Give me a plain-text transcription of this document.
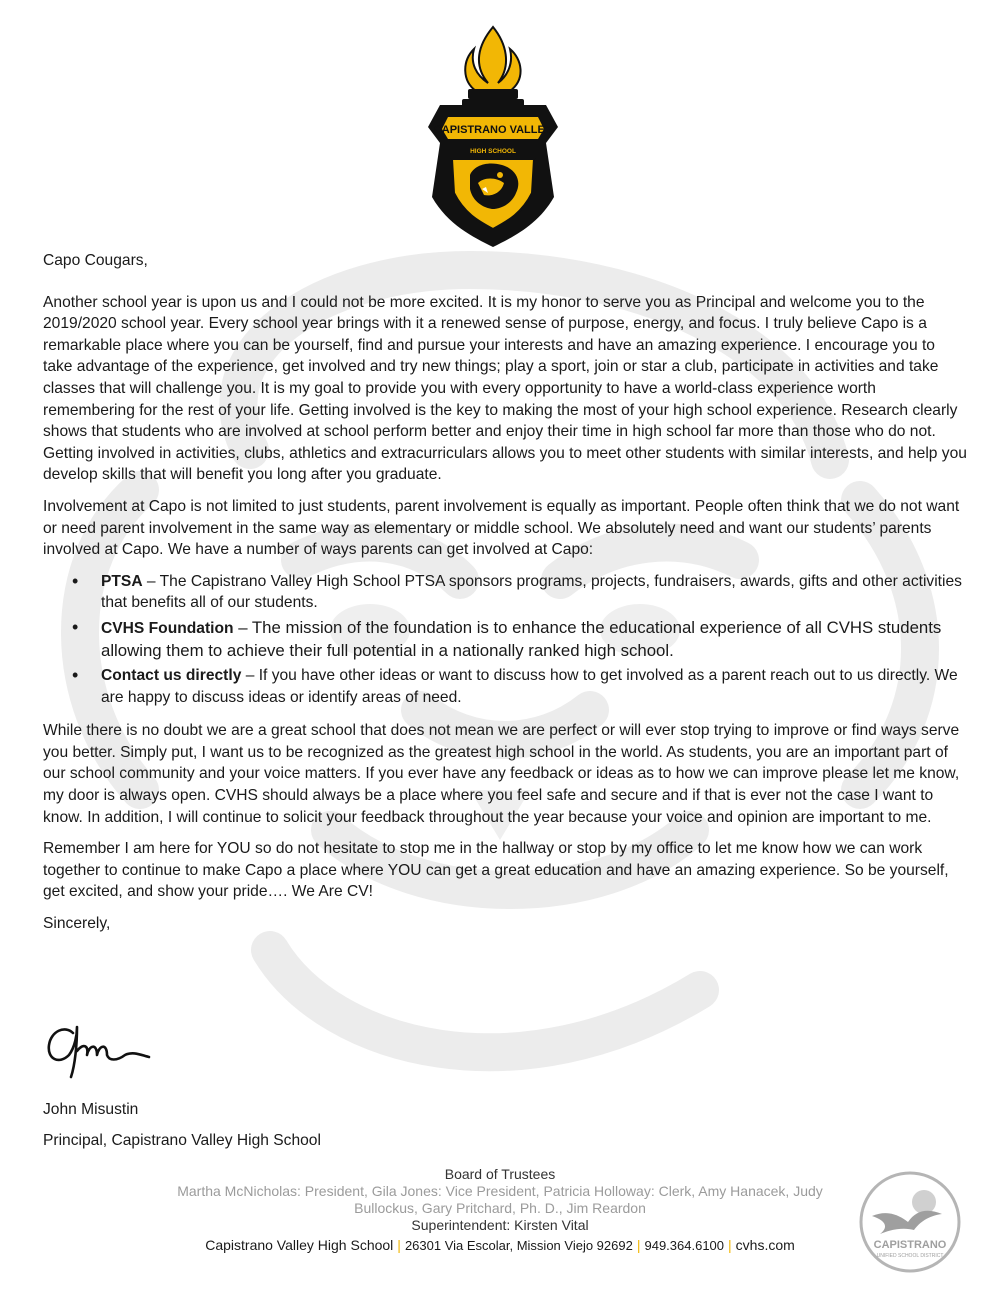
CAPISTRANO VALLEY
HIGH SCHOOL

Capo Cougars,

Another school year is upon us and I could not be more excited. It is my honor to serve you as Principal and welcome you to the 2019/2020 school year. Every school year brings with it a renewed sense of purpose, energy, and focus. I truly believe Capo is a remarkable place where you can be yourself, find and pursue your interests and have an amazing experience. I encourage you to take advantage of the experience, get involved and try new things; play a sport, join or star a club, participate in activities and take classes that will challenge you. It is my goal to provide you with every opportunity to have a world-class experience worth remembering for the rest of your life. Getting involved is the key to making the most of your high school experience. Research clearly shows that students who are involved at school perform better and enjoy their time in high school far more than those who do not. Getting involved in activities, clubs, athletics and extracurriculars allows you to meet other students with similar interests, and help you develop skills that will benefit you long after you graduate.

Involvement at Capo is not limited to just students, parent involvement is equally as important. People often think that we do not want or need parent involvement in the same way as elementary or middle school. We absolutely need and want our students’ parents involved at Capo. We have a number of ways parents can get involved at Capo:

• PTSA – The Capistrano Valley High School PTSA sponsors programs, projects, fundraisers, awards, gifts and other activities that benefits all of our students.
• CVHS Foundation – The mission of the foundation is to enhance the educational experience of all CVHS students allowing them to achieve their full potential in a nationally ranked high school.
• Contact us directly – If you have other ideas or want to discuss how to get involved as a parent reach out to us directly. We are happy to discuss ideas or identify areas of need.

While there is no doubt we are a great school that does not mean we are perfect or will ever stop trying to improve or find ways serve you better. Simply put, I want us to be recognized as the greatest high school in the world. As students, you are an important part of our school community and your voice matters. If you ever have any feedback or ideas as to how we can improve please let me know, my door is always open. CVHS should always be a place where you feel safe and secure and if that is ever not the case I want to know. In addition, I will continue to solicit your feedback throughout the year because your voice and opinion are important to me.

Remember I am here for YOU so do not hesitate to stop me in the hallway or stop by my office to let me know how we can work together to continue to make Capo a place where YOU can get a great education and have an amazing experience. So be yourself, get excited, and show your pride…. We Are CV!

Sincerely,

John Misustin
Principal, Capistrano Valley High School
Board of Trustees
Martha McNicholas: President, Gila Jones: Vice President, Patricia Holloway: Clerk, Amy Hanacek, Judy Bullockus, Gary Pritchard, Ph. D., Jim Reardon
Superintendent: Kirsten Vital
Capistrano Valley High School | 26301 Via Escolar, Mission Viejo 92692 | 949.364.6100 | cvhs.com	CAPISTRANO
UNIFIED SCHOOL DISTRICT
